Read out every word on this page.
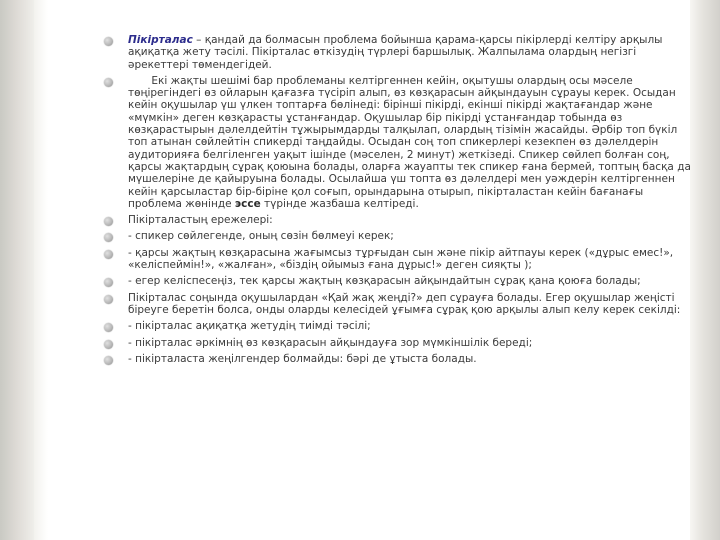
Пікірталас – қандай да болмасын проблема бойынша қарама-қарсы пікірлерді келтіру арқылы ақиқатқа жету тәсілі. Пікірталас өткізудің түрлері баршылық. Жалпылама олардың негізгі әрекеттері төмендегідей.
Екі жақты шешімі бар проблеманы келтіргеннен кейін, оқытушы олардың осы мәселе төңірегіндегі өз ойларын қағазға түсіріп алып, өз көзқарасын айқындауын сұрауы керек. Осыдан кейін оқушылар үш үлкен топтарға бөлінеді: бірінші пікірді, екінші пікірді жақтағандар және «мүмкін» деген көзқарасты ұстанғандар. Оқушылар бір пікірді ұстанғандар тобында өз көзқарастырын дәлелдейтін тұжырымдарды талқылап, олардың тізімін жасайды. Әрбір топ бүкіл топ атынан сөйлейтін спикерді таңдайды. Осыдан соң топ спикерлері кезекпен өз дәлелдерін аудиторияға белгіленген уақыт ішінде (мәселен, 2 минут) жеткізеді. Спикер сөйлеп болған соң, қарсы жақтардың сұрақ қоюына болады, оларға жауапты тек спикер ғана бермей, топтың басқа да мүшелеріне де қайыруына болады. Осылайша үш топта өз дәлелдері мен уәждерін келтіргеннен кейін қарсыластар бір-біріне қол соғып, орындарына отырып, пікірталастан кейін бағанағы проблема жөнінде эссе түрінде жазбаша келтіреді.
Пікірталастың ережелері:
- спикер сөйлегенде, оның сөзін бөлмеуі керек;
- қарсы жақтың көзқарасына жағымсыз тұрғыдан сын және пікір айтпауы керек («дұрыс емес!», «келіспеймін!», «жалған», «біздің ойымыз ғана дұрыс!» деген сияқты );
- егер келіспесеңіз, тек қарсы жақтың көзқарасын айқындайтын сұрақ қана қоюға болады;
Пікірталас соңында оқушылардан «Қай жақ жеңді?» деп сұрауға болады. Егер оқушылар жеңісті біреуге беретін болса, онды оларды келесідей ұғымға сұрақ қою арқылы алып келу керек секілді:
- пікірталас ақиқатқа жетудің тиімді тәсілі;
- пікірталас әркімнің өз көзқарасын айқындауға зор мүмкіншілік береді;
- пікірталаста жеңілгендер болмайды: бәрі де ұтыста болады.
